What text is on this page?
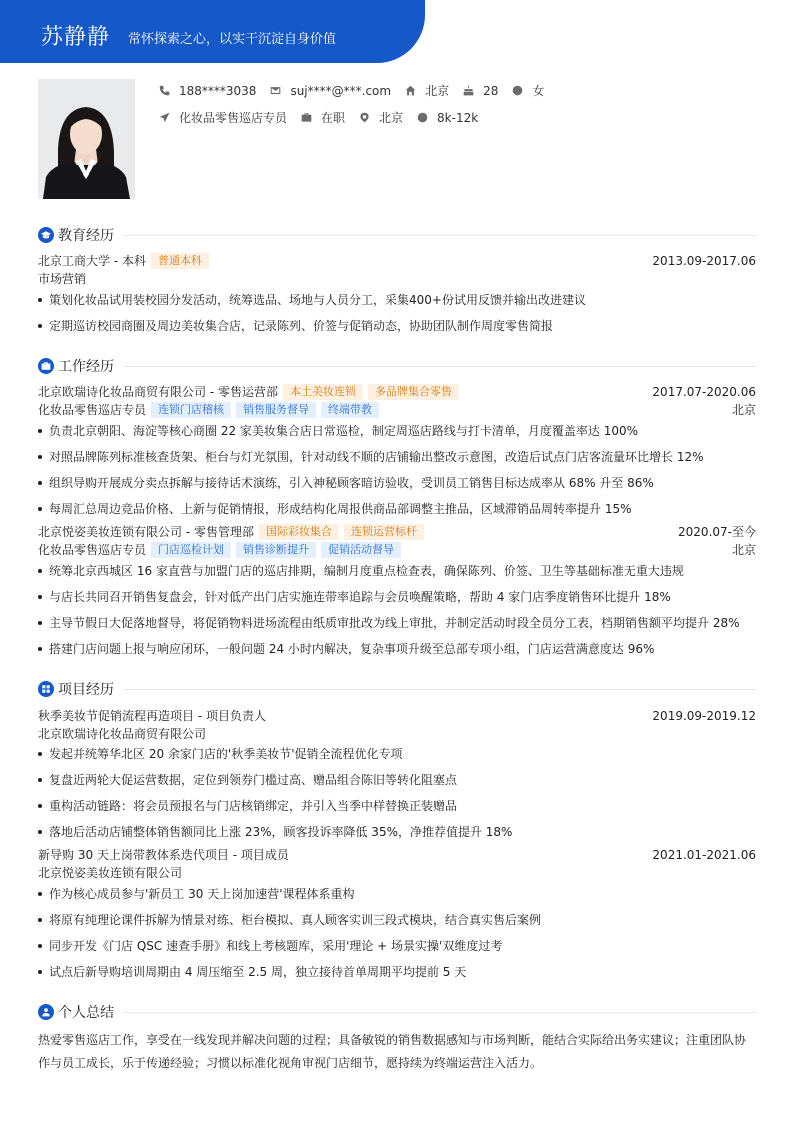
苏静静 常怀探索之心，以实干沉淀自身价值
188****3038	suj****@***.com	北京	28	女
化妆品零售巡店专员	在职	北京	8k-12k
教育经历
北京工商大学 - 本科	普通本科	2013.09-2017.06
市场营销
策划化妆品试用装校园分发活动，统筹选品、场地与人员分工，采集400+份试用反馈并输出改进建议
定期巡访校园商圈及周边美妆集合店，记录陈列、价签与促销动态，协助团队制作周度零售简报
工作经历
北京欧瑞诗化妆品商贸有限公司 - 零售运营部	本土美妆连锁	多品牌集合零售	2017.07-2020.06
化妆品零售巡店专员	连锁门店稽核	销售服务督导	终端带教	北京
负责北京朝阳、海淀等核心商圈 22 家美妆集合店日常巡检，制定周巡店路线与打卡清单，月度覆盖率达 100%
对照品牌陈列标准核查货架、柜台与灯光氛围，针对动线不顺的店铺输出整改示意图，改造后试点门店客流量环比增长 12%
组织导购开展成分卖点拆解与接待话术演练，引入神秘顾客暗访验收，受训员工销售目标达成率从 68% 升至 86%
每周汇总周边竞品价格、上新与促销情报，形成结构化周报供商品部调整主推品，区域滞销品周转率提升 15%
北京悦姿美妆连锁有限公司 - 零售管理部	国际彩妆集合	连锁运营标杆	2020.07-至今
化妆品零售巡店专员	门店巡检计划	销售诊断提升	促销活动督导	北京
统筹北京西城区 16 家直营与加盟门店的巡店排期，编制月度重点检查表，确保陈列、价签、卫生等基础标准无重大违规
与店长共同召开销售复盘会，针对低产出门店实施连带率追踪与会员唤醒策略，帮助 4 家门店季度销售环比提升 18%
主导节假日大促落地督导，将促销物料进场流程由纸质审批改为线上审批，并制定活动时段全员分工表，档期销售额平均提升 28%
搭建门店问题上报与响应闭环，一般问题 24 小时内解决，复杂事项升级至总部专项小组，门店运营满意度达 96%
项目经历
秋季美妆节促销流程再造项目 - 项目负责人	2019.09-2019.12
北京欧瑞诗化妆品商贸有限公司
发起并统筹华北区 20 余家门店的'秋季美妆节'促销全流程优化专项
复盘近两轮大促运营数据，定位到领券门槛过高、赠品组合陈旧等转化阻塞点
重构活动链路：将会员预报名与门店核销绑定，并引入当季中样替换正装赠品
落地后活动店铺整体销售额同比上涨 23%，顾客投诉率降低 35%，净推荐值提升 18%
新导购 30 天上岗带教体系迭代项目 - 项目成员	2021.01-2021.06
北京悦姿美妆连锁有限公司
作为核心成员参与'新员工 30 天上岗加速营'课程体系重构
将原有纯理论课件拆解为情景对练、柜台模拟、真人顾客实训三段式模块，结合真实售后案例
同步开发《门店 QSC 速查手册》和线上考核题库，采用'理论 + 场景实操'双维度过考
试点后新导购培训周期由 4 周压缩至 2.5 周，独立接待首单周期平均提前 5 天
个人总结
热爱零售巡店工作，享受在一线发现并解决问题的过程；具备敏锐的销售数据感知与市场判断，能结合实际给出务实建议；注重团队协作与员工成长，乐于传递经验；习惯以标准化视角审视门店细节，愿持续为终端运营注入活力。
